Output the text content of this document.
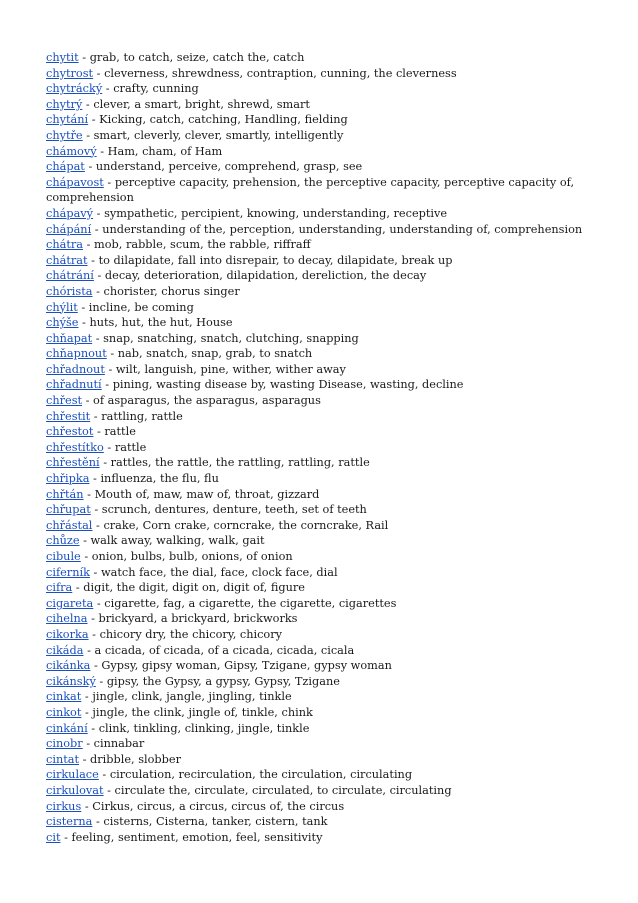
chytit - grab, to catch, seize, catch the, catch
chytrost - cleverness, shrewdness, contraption, cunning, the cleverness
chytrácký - crafty, cunning
chytrý - clever, a smart, bright, shrewd, smart
chytání - Kicking, catch, catching, Handling, fielding
chytře - smart, cleverly, clever, smartly, intelligently
chámový - Ham, cham, of Ham
chápat - understand, perceive, comprehend, grasp, see
chápavost - perceptive capacity, prehension, the perceptive capacity, perceptive capacity of, comprehension
chápavý - sympathetic, percipient, knowing, understanding, receptive
chápání - understanding of the, perception, understanding, understanding of, comprehension
chátra - mob, rabble, scum, the rabble, riffraff
chátrat - to dilapidate, fall into disrepair, to decay, dilapidate, break up
chátrání - decay, deterioration, dilapidation, dereliction, the decay
chórista - chorister, chorus singer
chýlit - incline, be coming
chýše - huts, hut, the hut, House
chňapat - snap, snatching, snatch, clutching, snapping
chňapnout - nab, snatch, snap, grab, to snatch
chřadnout - wilt, languish, pine, wither, wither away
chřadnutí - pining, wasting disease by, wasting Disease, wasting, decline
chřest - of asparagus, the asparagus, asparagus
chřestit - rattling, rattle
chřestot - rattle
chřestítko - rattle
chřestění - rattles, the rattle, the rattling, rattling, rattle
chřipka - influenza, the flu, flu
chřtán - Mouth of, maw, maw of, throat, gizzard
chřupat - scrunch, dentures, denture, teeth, set of teeth
chřástal - crake, Corn crake, corncrake, the corncrake, Rail
chůze - walk away, walking, walk, gait
cibule - onion, bulbs, bulb, onions, of onion
ciferník - watch face, the dial, face, clock face, dial
cifra - digit, the digit, digit on, digit of, figure
cigareta - cigarette, fag, a cigarette, the cigarette, cigarettes
cihelna - brickyard, a brickyard, brickworks
cikorka - chicory dry, the chicory, chicory
cikáda - a cicada, of cicada, of a cicada, cicada, cicala
cikánka - Gypsy, gipsy woman, Gipsy, Tzigane, gypsy woman
cikánský - gipsy, the Gypsy, a gypsy, Gypsy, Tzigane
cinkat - jingle, clink, jangle, jingling, tinkle
cinkot - jingle, the clink, jingle of, tinkle, chink
cinkání - clink, tinkling, clinking, jingle, tinkle
cinobr - cinnabar
cintat - dribble, slobber
cirkulace - circulation, recirculation, the circulation, circulating
cirkulovat - circulate the, circulate, circulated, to circulate, circulating
cirkus - Cirkus, circus, a circus, circus of, the circus
cisterna - cisterns, Cisterna, tanker, cistern, tank
cit - feeling, sentiment, emotion, feel, sensitivity
